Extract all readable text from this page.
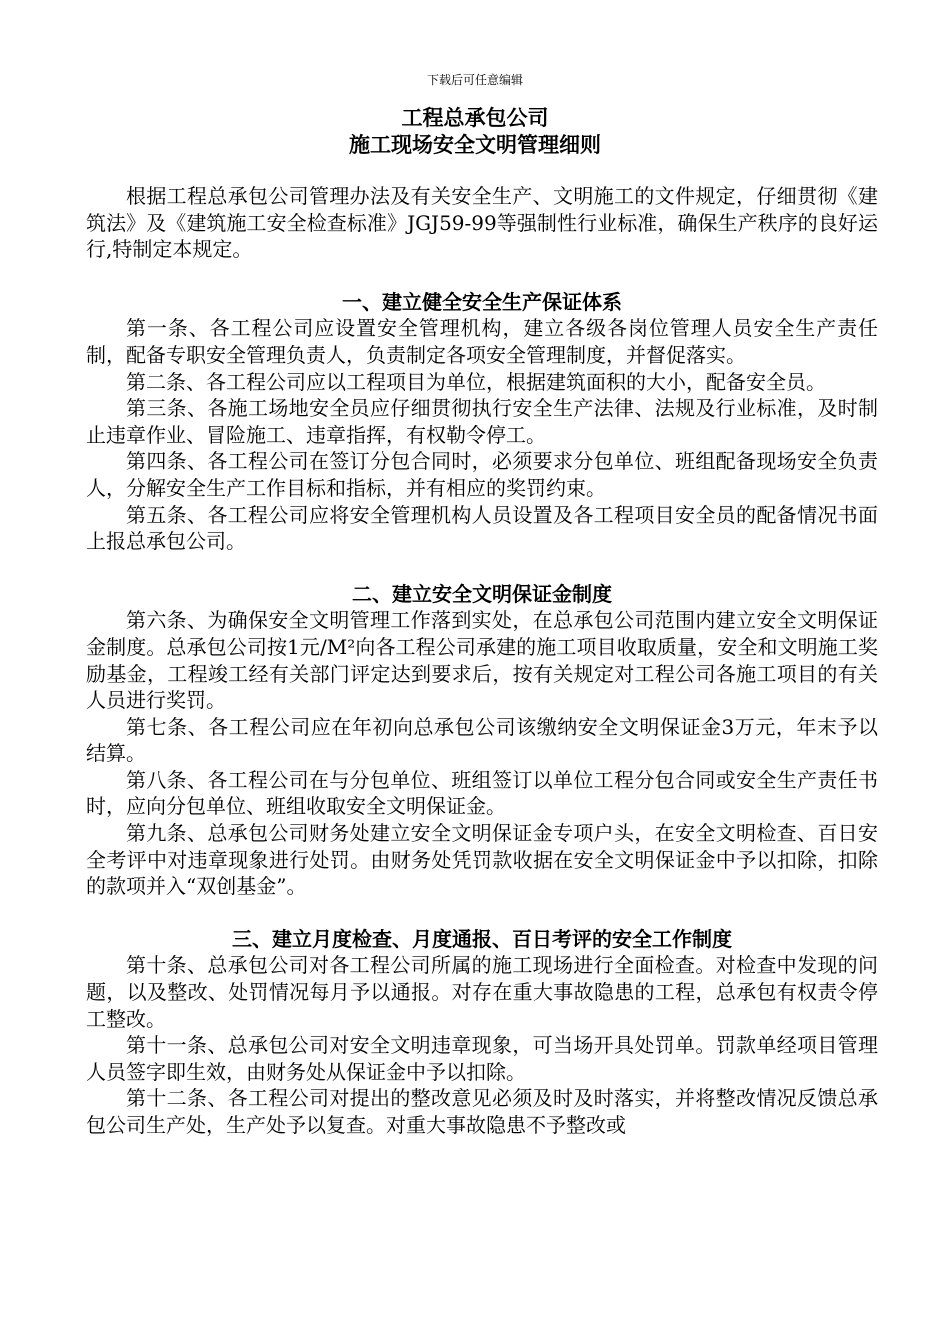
下载后可任意编辑
工程总承包公司
施工现场安全文明管理细则

根据工程总承包公司管理办法及有关安全生产、文明施工的文件规定，仔细贯彻《建筑法》及《建筑施工安全检查标准》JGJ59-99等强制性行业标准，确保生产秩序的良好运行,特制定本规定。

一、建立健全安全生产保证体系

第一条、各工程公司应设置安全管理机构，建立各级各岗位管理人员安全生产责任制，配备专职安全管理负责人，负责制定各项安全管理制度，并督促落实。

第二条、各工程公司应以工程项目为单位，根据建筑面积的大小，配备安全员。

第三条、各施工场地安全员应仔细贯彻执行安全生产法律、法规及行业标准，及时制止违章作业、冒险施工、违章指挥，有权勒令停工。

第四条、各工程公司在签订分包合同时，必须要求分包单位、班组配备现场安全负责人，分解安全生产工作目标和指标，并有相应的奖罚约束。

第五条、各工程公司应将安全管理机构人员设置及各工程项目安全员的配备情况书面上报总承包公司。

二、建立安全文明保证金制度

第六条、为确保安全文明管理工作落到实处，在总承包公司范围内建立安全文明保证金制度。总承包公司按1元/M²向各工程公司承建的施工项目收取质量，安全和文明施工奖励基金，工程竣工经有关部门评定达到要求后，按有关规定对工程公司各施工项目的有关人员进行奖罚。

第七条、各工程公司应在年初向总承包公司该缴纳安全文明保证金3万元，年末予以结算。

第八条、各工程公司在与分包单位、班组签订以单位工程分包合同或安全生产责任书时，应向分包单位、班组收取安全文明保证金。

第九条、总承包公司财务处建立安全文明保证金专项户头，在安全文明检查、百日安全考评中对违章现象进行处罚。由财务处凭罚款收据在安全文明保证金中予以扣除，扣除的款项并入“双创基金”。

三、建立月度检查、月度通报、百日考评的安全工作制度

第十条、总承包公司对各工程公司所属的施工现场进行全面检查。对检查中发现的问题，以及整改、处罚情况每月予以通报。对存在重大事故隐患的工程，总承包有权责令停工整改。

第十一条、总承包公司对安全文明违章现象，可当场开具处罚单。罚款单经项目管理人员签字即生效，由财务处从保证金中予以扣除。

第十二条、各工程公司对提出的整改意见必须及时及时落实，并将整改情况反馈总承包公司生产处，生产处予以复查。对重大事故隐患不予整改或
